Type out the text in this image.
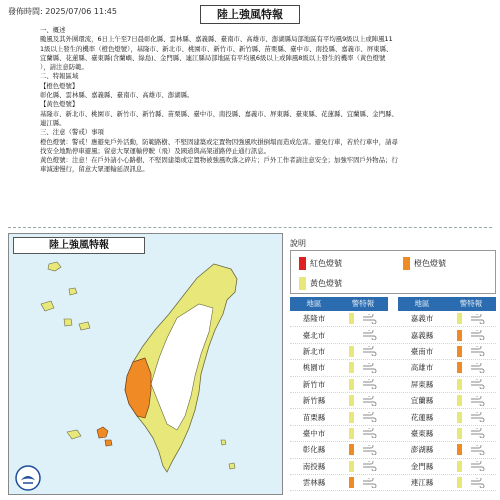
發佈時間: 2025/07/06 11:45	陸上強風特報
一、概述
颱風及其外圍環流，6日上午至7日晨彰化縣、雲林縣、嘉義縣、臺南市、高雄市、澎湖縣局部地區有平均風9級以上或陣風11
1級以上發生的機率（橙色燈號），基隆市、新北市、桃園市、新竹市、新竹縣、苗栗縣、臺中市、南投縣、嘉義市、屏東縣、
宜蘭縣、花蓮縣、臺東縣(含蘭嶼、綠島)、金門縣、連江縣局部地區有平均風6級以上或陣風8級以上發生的機率（黃色燈號
），請注意防範。
二、特報區域
【橙色燈號】
彰化縣、雲林縣、嘉義縣、臺南市、高雄市、澎湖縣。
【黃色燈號】
基隆市、新北市、桃園市、新竹市、新竹縣、苗栗縣、臺中市、南投縣、嘉義市、屏東縣、臺東縣、花蓮縣、宜蘭縣、金門縣、
連江縣。
三、注意（警戒）事項
橙色燈號：警戒！應避免戶外活動，防範路樹、不堅固建築或定置物因強風吹損倒塌而造成危害。避免行車，若於行車中，請尋
找安全地點停車避風；留意大眾運輸停駛（飛）及國道與高架道路停止通行訊息。
黃色燈號：注意！在戶外請小心路樹、不堅固建築或定置物被強風吹落之碎片；戶外工作者請注意安全；加強牢固戶外物品；行
車減速慢行，留意大眾運輸延誤訊息。
陸上強風特報	說明
紅色燈號	橙色燈號
黃色燈號
地區	警特報	地區	警特報
基隆市	嘉義市
臺北市	嘉義縣
新北市	臺南市
桃園市	高雄市
新竹市	屏東縣
新竹縣	宜蘭縣
苗栗縣	花蓮縣
臺中市	臺東縣
彰化縣	澎湖縣
南投縣	金門縣
雲林縣	連江縣
